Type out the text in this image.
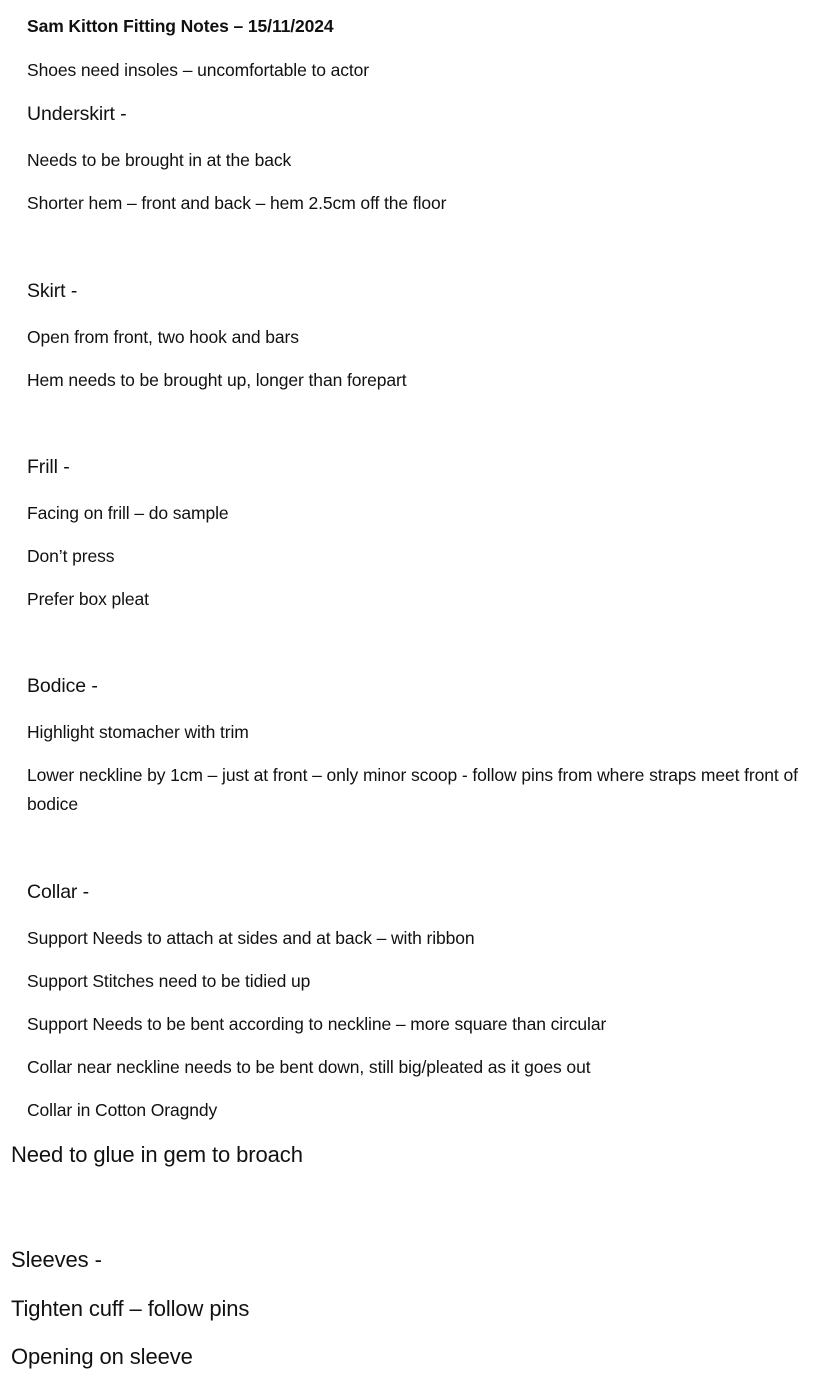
Sam Kitton Fitting Notes – 15/11/2024
Shoes need insoles – uncomfortable to actor
Underskirt -
Needs to be brought in at the back
Shorter hem – front and back – hem 2.5cm off the floor
Skirt -
Open from front, two hook and bars
Hem needs to be brought up, longer than forepart
Frill -
Facing on frill – do sample
Don’t press
Prefer box pleat
Bodice -
Highlight stomacher with trim
Lower neckline by 1cm – just at front – only minor scoop - follow pins from where straps meet front of bodice
Collar -
Support Needs to attach at sides and at back – with ribbon
Support Stitches need to be tidied up
Support Needs to be bent according to neckline – more square than circular
Collar near neckline needs to be bent down, still big/pleated as it goes out
Collar in Cotton Oragndy
Need to glue in gem to broach
Sleeves -
Tighten cuff – follow pins
Opening on sleeve
